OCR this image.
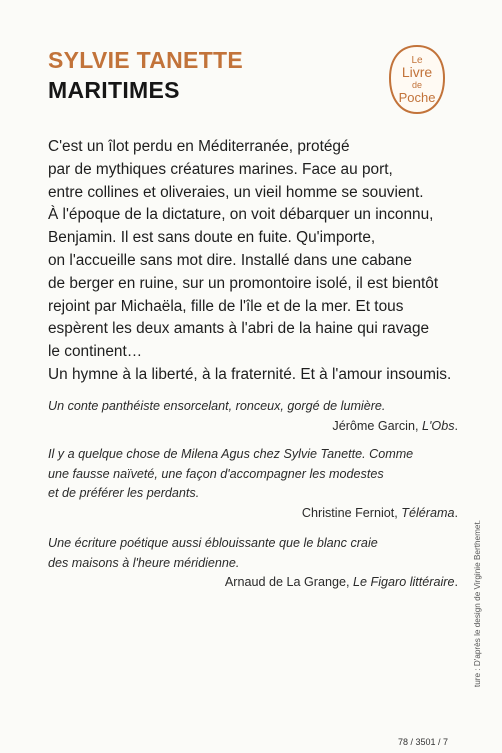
SYLVIE TANETTE
MARITIMES
Le
Livre
de
Poche

C'est un îlot perdu en Méditerranée, protégé

par de mythiques créatures marines. Face au port,

entre collines et oliveraies, un vieil homme se souvient.

À l'époque de la dictature, on voit débarquer un inconnu,

Benjamin. Il est sans doute en fuite. Qu'importe,

on l'accueille sans mot dire. Installé dans une cabane

de berger en ruine, sur un promontoire isolé, il est bientôt

rejoint par Michaëla, fille de l'île et de la mer. Et tous

espèrent les deux amants à l'abri de la haine qui ravage

le continent…

Un hymne à la liberté, à la fraternité. Et à l'amour insoumis.

Un conte panthéiste ensorcelant, ronceux, gorgé de lumière.

Jérôme Garcin, L'Obs.

Il y a quelque chose de Milena Agus chez Sylvie Tanette. Comme

une fausse naïveté, une façon d'accompagner les modestes

et de préférer les perdants.

Christine Ferniot, Télérama.

Une écriture poétique aussi éblouissante que le blanc craie

des maisons à l'heure méridienne.

Arnaud de La Grange, Le Figaro littéraire. ture : D'après le design de Virginie Berthemet.
78 / 3501 / 7
